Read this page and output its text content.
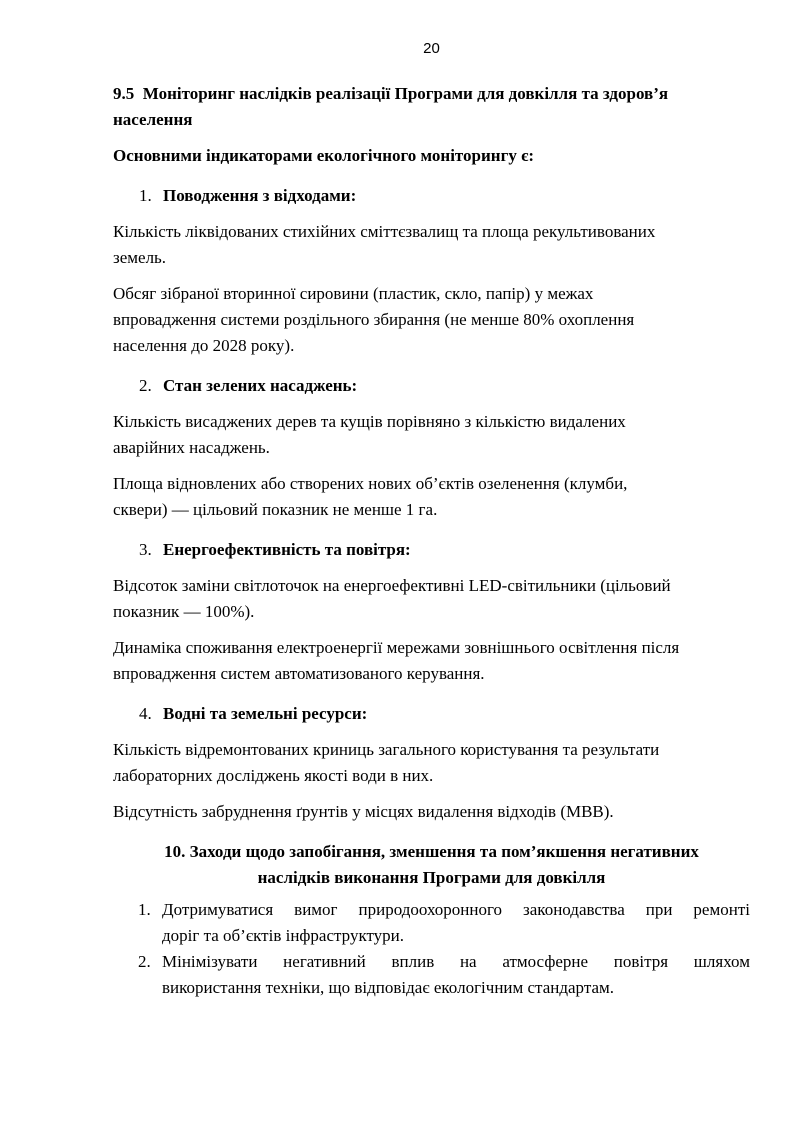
20
9.5  Моніторинг наслідків реалізації Програми для довкілля та здоров’я
населення
Основними індикаторами екологічного моніторингу є:
1. Поводження з відходами:
Кількість ліквідованих стихійних сміттєзвалищ та площа рекультивованих
земель.
Обсяг зібраної вторинної сировини (пластик, скло, папір) у межах
впровадження системи роздільного збирання (не менше 80% охоплення
населення до 2028 року).
2. Стан зелених насаджень:
Кількість висаджених дерев та кущів порівняно з кількістю видалених
аварійних насаджень.
Площа відновлених або створених нових об’єктів озеленення (клумби,
сквери) — цільовий показник не менше 1 га.
3. Енергоефективність та повітря:
Відсоток заміни світлоточок на енергоефективні LED-світильники (цільовий
показник — 100%).
Динаміка споживання електроенергії мережами зовнішнього освітлення після
впровадження систем автоматизованого керування.
4. Водні та земельні ресурси:
Кількість відремонтованих криниць загального користування та результати
лабораторних досліджень якості води в них.
Відсутність забруднення ґрунтів у місцях видалення відходів (МВВ).
10. Заходи щодо запобігання, зменшення та пом’якшення негативних
наслідків виконання Програми для довкілля
1. Дотримуватися вимог природоохоронного законодавства при ремонті
доріг та об’єктів інфраструктури.
2. Мінімізувати негативний вплив на атмосферне повітря шляхом
використання техніки, що відповідає екологічним стандартам.
